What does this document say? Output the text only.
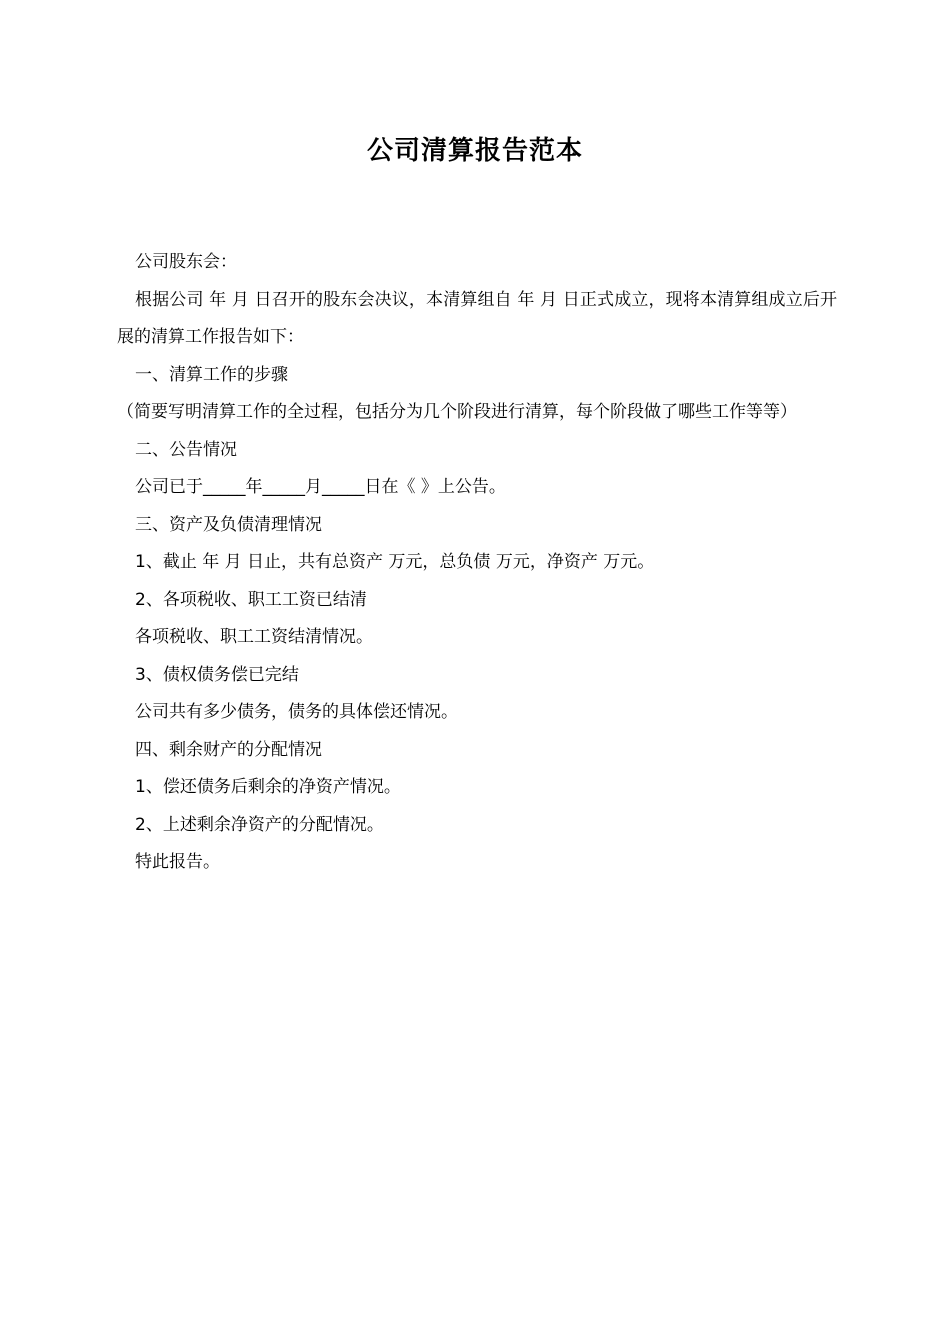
公司清算报告范本

公司股东会：

根据公司 年 月 日召开的股东会决议，本清算组自 年 月 日正式成立，现将本清算组成立后开展的清算工作报告如下：

一、清算工作的步骤

（简要写明清算工作的全过程，包括分为几个阶段进行清算，每个阶段做了哪些工作等等）

二、公告情况

公司已于_____年_____月_____日在《 》上公告。

三、资产及负债清理情况

1、截止 年 月 日止，共有总资产 万元，总负债 万元，净资产 万元。

2、各项税收、职工工资已结清

各项税收、职工工资结清情况。

3、债权债务偿已完结

公司共有多少债务，债务的具体偿还情况。

四、剩余财产的分配情况

1、偿还债务后剩余的净资产情况。

2、上述剩余净资产的分配情况。

特此报告。
